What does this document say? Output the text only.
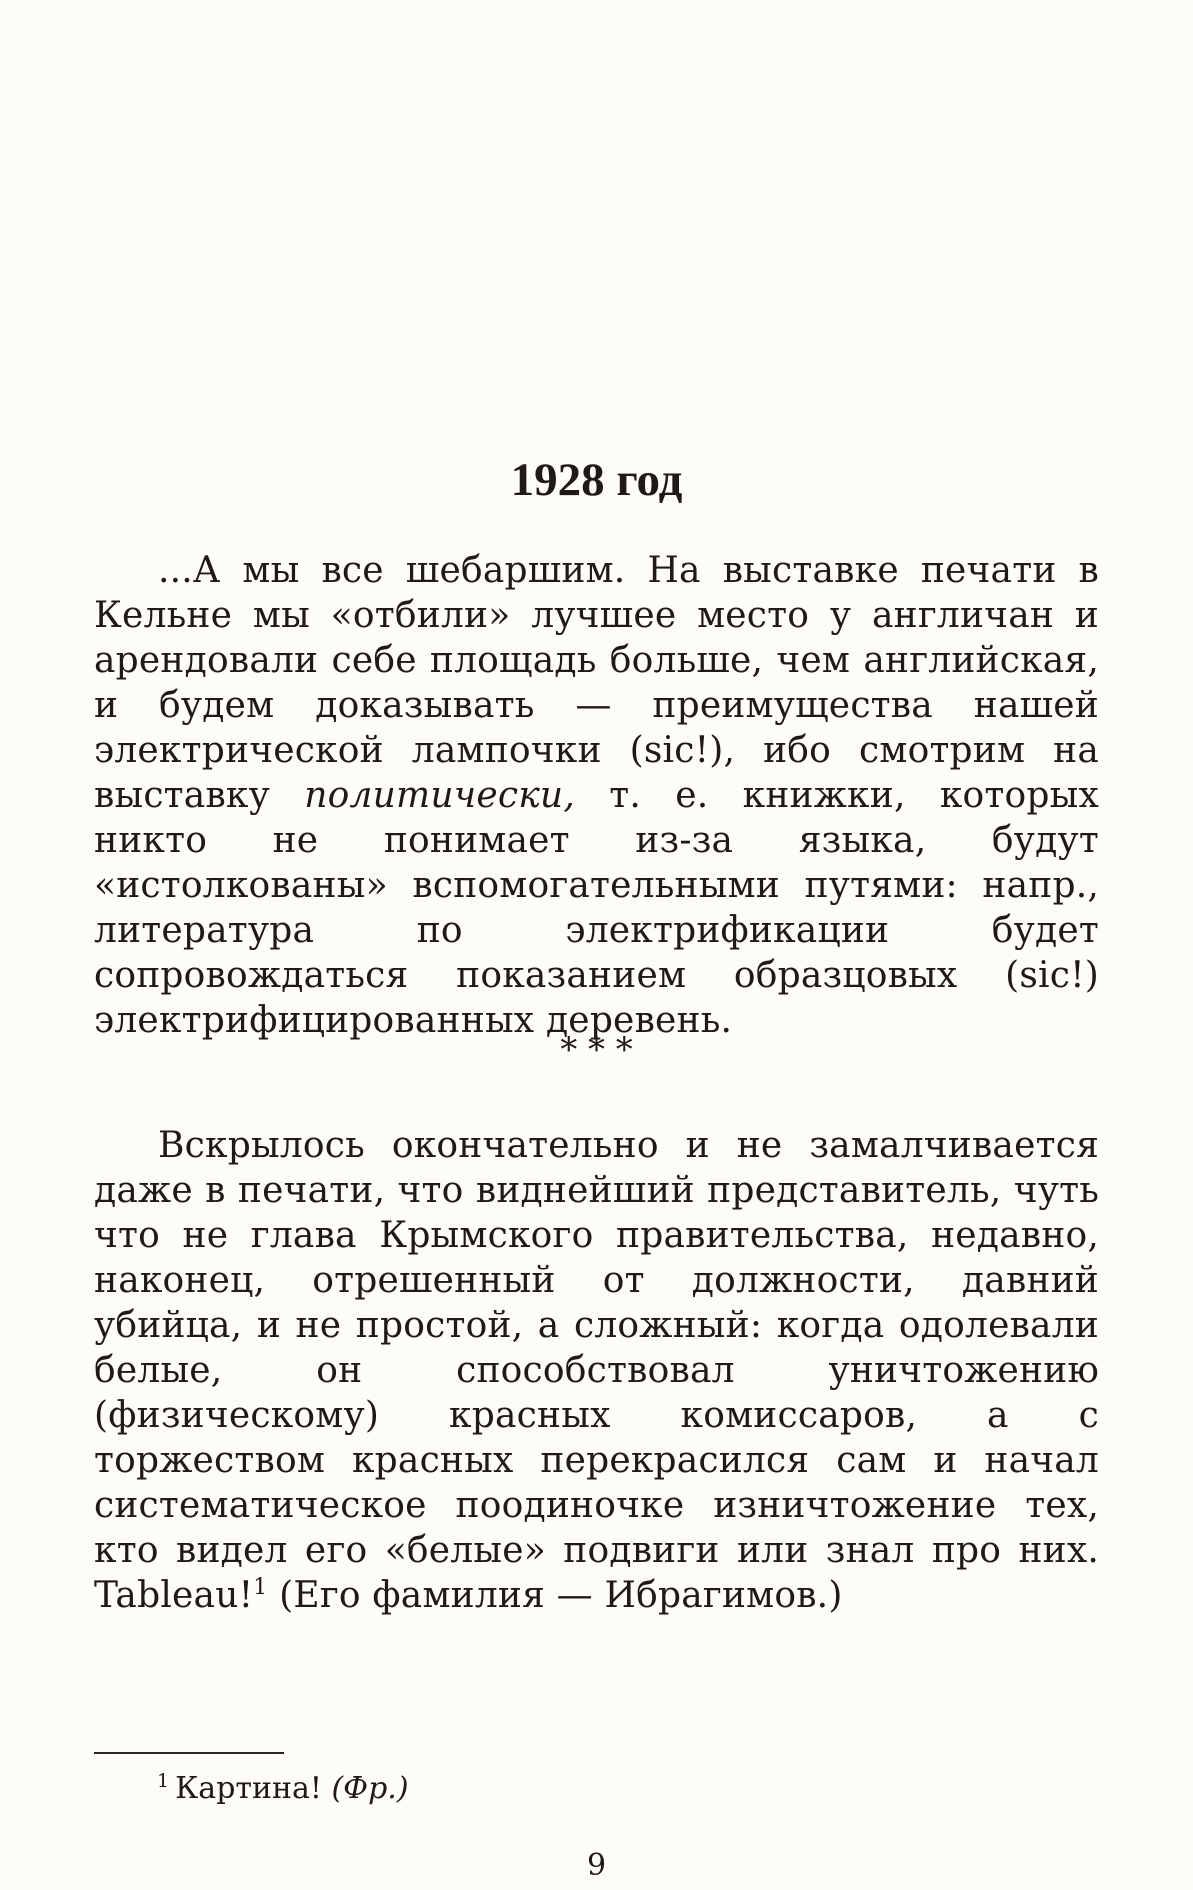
1928 год

...А мы все шебаршим. На выставке печати в Кельне мы «отбили» лучшее место у англичан и арендовали себе площадь больше, чем английская, и будем доказывать — преимущества нашей электрической лампочки (sic!), ибо смотрим на выставку политически, т. е. книжки, которых никто не понимает из-за языка, будут «истолкованы» вспомогательными путями: напр., литература по электрификации будет сопровождаться показанием образцовых (sic!) электрифицированных деревень.

* * *

Вскрылось окончательно и не замалчивается даже в печати, что виднейший представитель, чуть что не глава Крымского правительства, недавно, наконец, отрешенный от должности, давний убийца, и не простой, а сложный: когда одолевали белые, он способствовал уничтожению (физическому) красных комиссаров, а с торжеством красных перекрасился сам и начал систематическое поодиночке изничтожение тех, кто видел его «белые» подвиги или знал про них. Tableau!$^1$ (Его фамилия — Ибрагимов.)

$^1$ Картина! (Фр.)

9
